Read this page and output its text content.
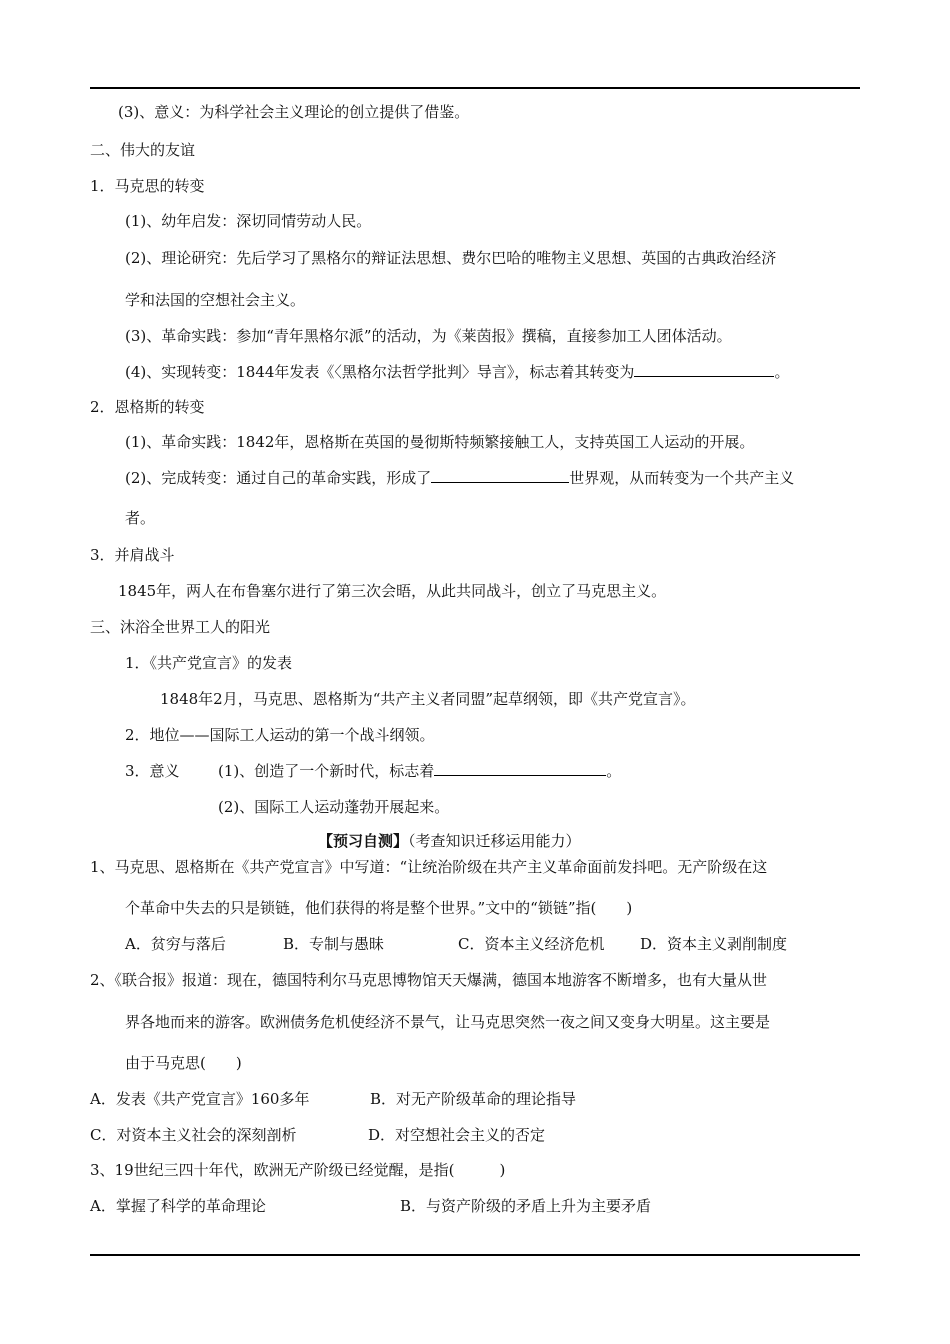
(3)、意义：为科学社会主义理论的创立提供了借鉴。
二、伟大的友谊
1．马克思的转变
(1)、幼年启发：深切同情劳动人民。
(2)、理论研究：先后学习了黑格尔的辩证法思想、费尔巴哈的唯物主义思想、英国的古典政治经济
学和法国的空想社会主义。
(3)、革命实践：参加“青年黑格尔派”的活动，为《莱茵报》撰稿，直接参加工人团体活动。
(4)、实现转变：1844年发表《〈黑格尔法哲学批判〉导言》，标志着其转变为	。
2．恩格斯的转变
(1)、革命实践：1842年，恩格斯在英国的曼彻斯特频繁接触工人，支持英国工人运动的开展。
(2)、完成转变：通过自己的革命实践，形成了	世界观，从而转变为一个共产主义
者。
3．并肩战斗
1845年，两人在布鲁塞尔进行了第三次会晤，从此共同战斗，创立了马克思主义。
三、沐浴全世界工人的阳光
1．《共产党宣言》的发表
1848年2月，马克思、恩格斯为“共产主义者同盟”起草纲领，即《共产党宣言》。
2．地位——国际工人运动的第一个战斗纲领。
3．意义	(1)、创造了一个新时代，标志着	。
(2)、国际工人运动蓬勃开展起来。
【预习自测】（考查知识迁移运用能力）
1、马克思、恩格斯在《共产党宣言》中写道：“让统治阶级在共产主义革命面前发抖吧。无产阶级在这
个革命中失去的只是锁链，他们获得的将是整个世界。”文中的“锁链”指(　　)
A．贫穷与落后	B．专制与愚昧	C．资本主义经济危机 D．资本主义剥削制度
2、《联合报》报道：现在，德国特利尔马克思博物馆天天爆满，德国本地游客不断增多，也有大量从世
界各地而来的游客。欧洲债务危机使经济不景气，让马克思突然一夜之间又变身大明星。这主要是
由于马克思(　　)
A．发表《共产党宣言》160多年	B．对无产阶级革命的理论指导
C．对资本主义社会的深刻剖析	D．对空想社会主义的否定
3、19世纪三四十年代，欧洲无产阶级已经觉醒，是指(　　　)
A．掌握了科学的革命理论	B．与资产阶级的矛盾上升为主要矛盾
